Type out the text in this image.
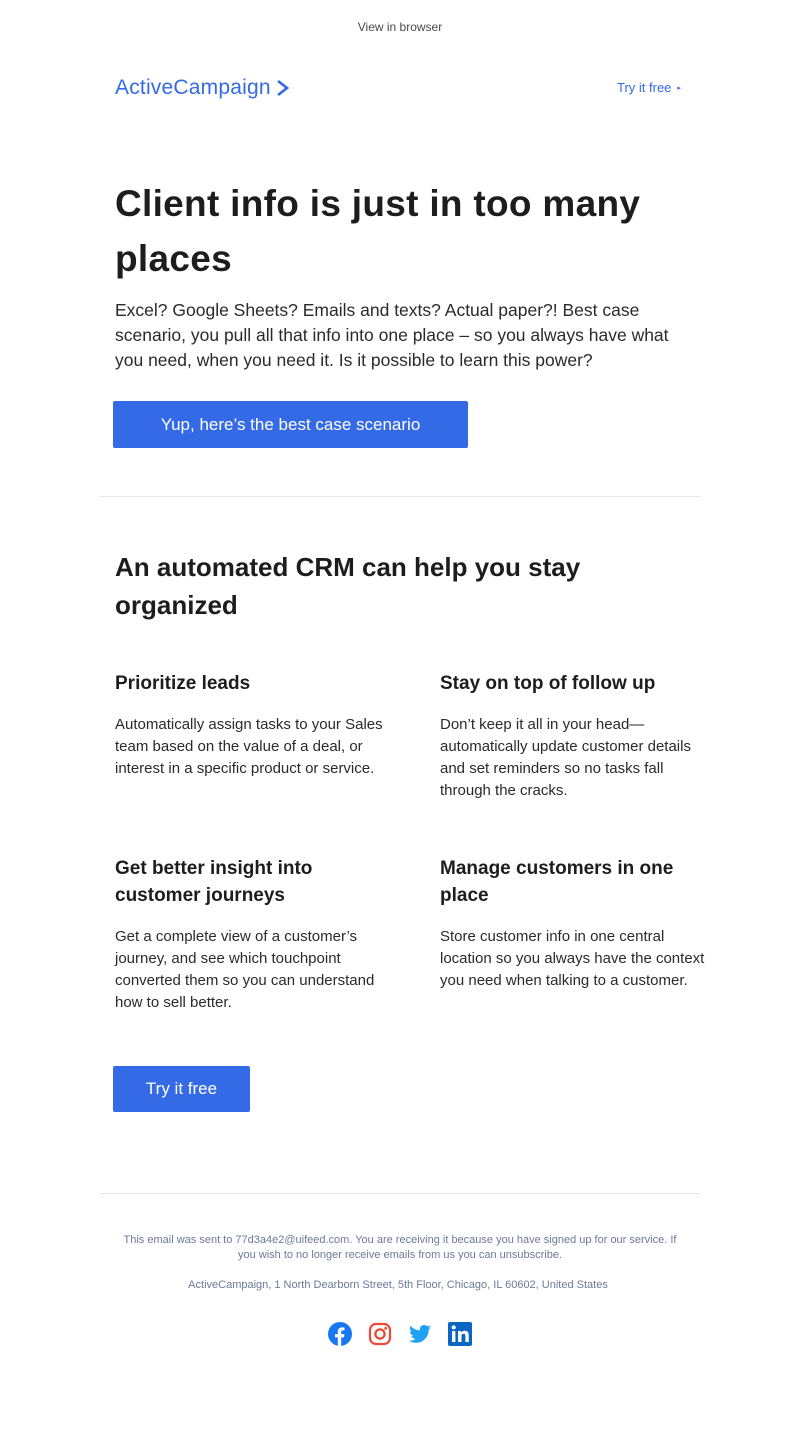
View in browser
ActiveCampaign	Try it free ▸
Client info is just in too many places

Excel? Google Sheets? Emails and texts? Actual paper?! Best case scenario, you pull all that info into one place – so you always have what you need, when you need it. Is it possible to learn this power?

Yup, here’s the best case scenario
An automated CRM can help you stay organized
Prioritize leads

Automatically assign tasks to your Sales team based on the value of a deal, or interest in a specific product or service.

Stay on top of follow up

Don’t keep it all in your head—automatically update customer details and set reminders so no tasks fall through the cracks.

Get better insight into customer journeys

Get a complete view of a customer’s journey, and see which touchpoint converted them so you can understand how to sell better.

Manage customers in one place

Store customer info in one central location so you always have the context you need when talking to a customer.

Try it free

This email was sent to 77d3a4e2@uifeed.com. You are receiving it because you have signed up for our service. If you wish to no longer receive emails from us you can unsubscribe.

ActiveCampaign, 1 North Dearborn Street, 5th Floor, Chicago, IL 60602, United States
